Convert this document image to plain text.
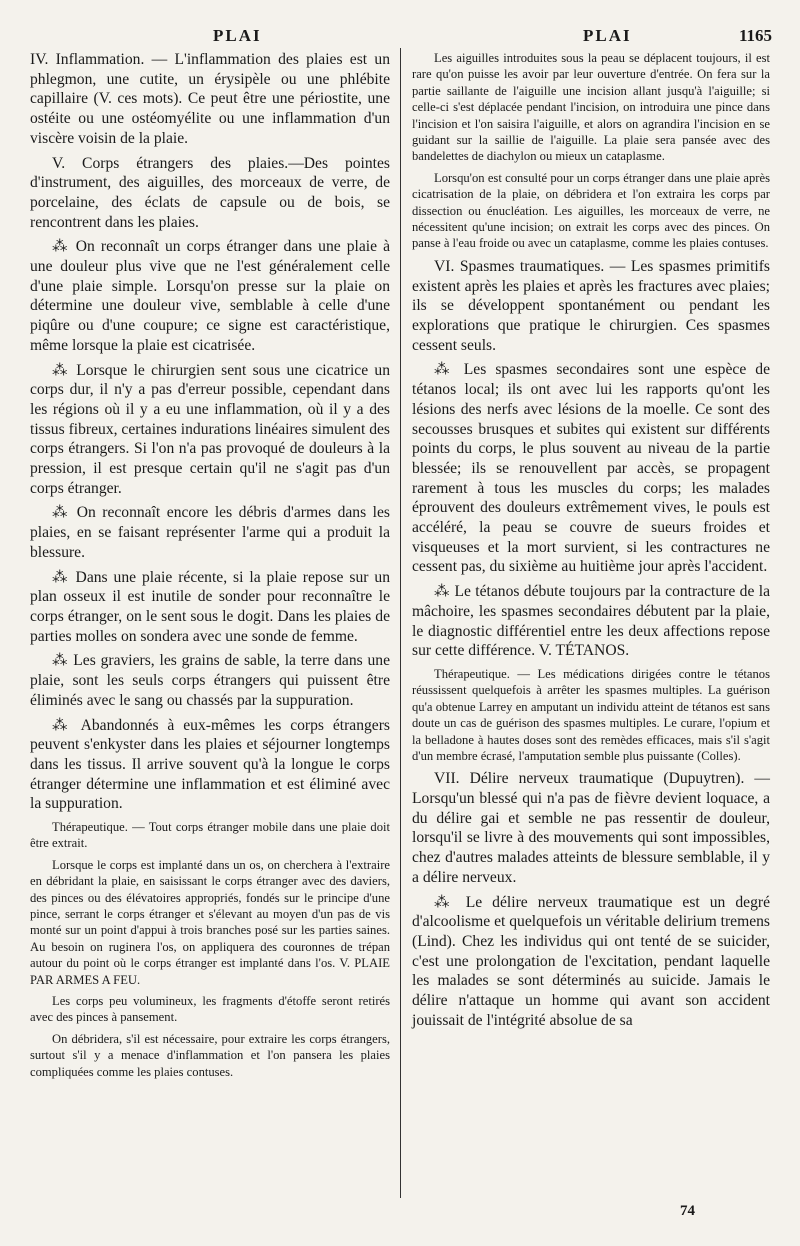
PLAI	PLAI	1165

IV. Inflammation. — L'inflammation des plaies est un phlegmon, une cutite, un érysipèle ou une phlébite capillaire (V. ces mots). Ce peut être une périostite, une ostéite ou une ostéomyélite ou une inflammation d'un viscère voisin de la plaie.

V. Corps étrangers des plaies.—Des pointes d'instrument, des aiguilles, des morceaux de verre, de porcelaine, des éclats de capsule ou de bois, se rencontrent dans les plaies.

⁂ On reconnaît un corps étranger dans une plaie à une douleur plus vive que ne l'est généralement celle d'une plaie simple. Lorsqu'on presse sur la plaie on détermine une douleur vive, semblable à celle d'une piqûre ou d'une coupure; ce signe est caractéristique, même lorsque la plaie est cicatrisée.

⁂ Lorsque le chirurgien sent sous une cicatrice un corps dur, il n'y a pas d'erreur possible, cependant dans les régions où il y a eu une inflammation, où il y a des tissus fibreux, certaines indurations linéaires simulent des corps étrangers. Si l'on n'a pas provoqué de douleurs à la pression, il est presque certain qu'il ne s'agit pas d'un corps étranger.

⁂ On reconnaît encore les débris d'armes dans les plaies, en se faisant représenter l'arme qui a produit la blessure.

⁂ Dans une plaie récente, si la plaie repose sur un plan osseux il est inutile de sonder pour reconnaître le corps étranger, on le sent sous le dogit. Dans les plaies de parties molles on sondera avec une sonde de femme.

⁂ Les graviers, les grains de sable, la terre dans une plaie, sont les seuls corps étrangers qui puissent être éliminés avec le sang ou chassés par la suppuration.

⁂ Abandonnés à eux-mêmes les corps étrangers peuvent s'enkyster dans les plaies et séjourner longtemps dans les tissus. Il arrive souvent qu'à la longue le corps étranger détermine une inflammation et est éliminé avec la suppuration.

Thérapeutique. — Tout corps étranger mobile dans une plaie doit être extrait.

Lorsque le corps est implanté dans un os, on cherchera à l'extraire en débridant la plaie, en saisissant le corps étranger avec des daviers, des pinces ou des élévatoires appropriés, fondés sur le principe d'une pince, serrant le corps étranger et s'élevant au moyen d'un pas de vis monté sur un point d'appui à trois branches posé sur les parties saines. Au besoin on ruginera l'os, on appliquera des couronnes de trépan autour du point où le corps étranger est implanté dans l'os. V. PLAIE PAR ARMES A FEU.

Les corps peu volumineux, les fragments d'étoffe seront retirés avec des pinces à pansement.

On débridera, s'il est nécessaire, pour extraire les corps étrangers, surtout s'il y a menace d'inflammation et l'on pansera les plaies compliquées comme les plaies contuses.

Les aiguilles introduites sous la peau se déplacent toujours, il est rare qu'on puisse les avoir par leur ouverture d'entrée. On fera sur la partie saillante de l'aiguille une incision allant jusqu'à l'aiguille; si celle-ci s'est déplacée pendant l'incision, on introduira une pince dans l'incision et l'on saisira l'aiguille, et alors on agrandira l'incision en se guidant sur la saillie de l'aiguille. La plaie sera pansée avec des bandelettes de diachylon ou mieux un cataplasme.

Lorsqu'on est consulté pour un corps étranger dans une plaie après cicatrisation de la plaie, on débridera et l'on extraira les corps par dissection ou énucléation. Les aiguilles, les morceaux de verre, ne nécessitent qu'une incision; on extrait les corps avec des pinces. On panse à l'eau froide ou avec un cataplasme, comme les plaies contuses.

VI. Spasmes traumatiques. — Les spasmes primitifs existent après les plaies et après les fractures avec plaies; ils se développent spontanément ou pendant les explorations que pratique le chirurgien. Ces spasmes cessent seuls.

⁂ Les spasmes secondaires sont une espèce de tétanos local; ils ont avec lui les rapports qu'ont les lésions des nerfs avec lésions de la moelle. Ce sont des secousses brusques et subites qui existent sur différents points du corps, le plus souvent au niveau de la partie blessée; ils se renouvellent par accès, se propagent rarement à tous les muscles du corps; les malades éprouvent des douleurs extrêmement vives, le pouls est accéléré, la peau se couvre de sueurs froides et visqueuses et la mort survient, si les contractures ne cessent pas, du sixième au huitième jour après l'accident.

⁂ Le tétanos débute toujours par la contracture de la mâchoire, les spasmes secondaires débutent par la plaie, le diagnostic différentiel entre les deux affections repose sur cette différence. V. TÉTANOS.

Thérapeutique. — Les médications dirigées contre le tétanos réussissent quelquefois à arrêter les spasmes multiples. La guérison qu'a obtenue Larrey en amputant un individu atteint de tétanos est sans doute un cas de guérison des spasmes multiples. Le curare, l'opium et la belladone à hautes doses sont des remèdes efficaces, mais s'il s'agit d'un membre écrasé, l'amputation semble plus puissante (Colles).

VII. Délire nerveux traumatique (Dupuytren). — Lorsqu'un blessé qui n'a pas de fièvre devient loquace, a du délire gai et semble ne pas ressentir de douleur, lorsqu'il se livre à des mouvements qui sont impossibles, chez d'autres malades atteints de blessure semblable, il y a délire nerveux.

⁂ Le délire nerveux traumatique est un degré d'alcoolisme et quelquefois un véritable delirium tremens (Lind). Chez les individus qui ont tenté de se suicider, c'est une prolongation de l'excitation, pendant laquelle les malades se sont déterminés au suicide. Jamais le délire n'attaque un homme qui avant son accident jouissait de l'intégrité absolue de sa

74
